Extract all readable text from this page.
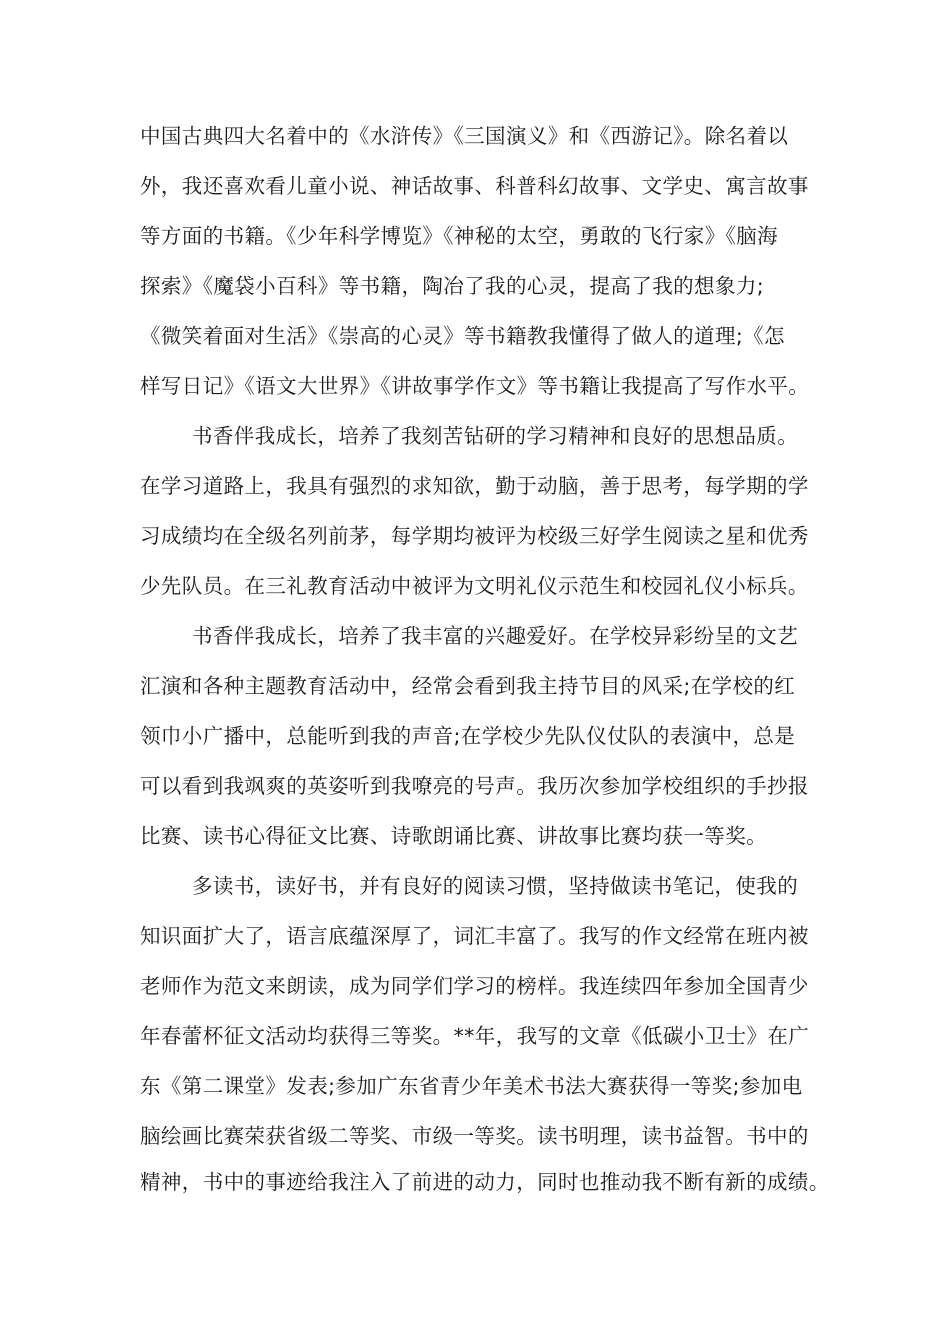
中国古典四大名着中的《水浒传》《三国演义》和《西游记》。除名着以
外，我还喜欢看儿童小说、神话故事、科普科幻故事、文学史、寓言故事
等方面的书籍。《少年科学博览》《神秘的太空，勇敢的飞行家》《脑海
探索》《魔袋小百科》等书籍，陶冶了我的心灵，提高了我的想象力;
《微笑着面对生活》《崇高的心灵》等书籍教我懂得了做人的道理;《怎
样写日记》《语文大世界》《讲故事学作文》等书籍让我提高了写作水平。
书香伴我成长，培养了我刻苦钻研的学习精神和良好的思想品质。
在学习道路上，我具有强烈的求知欲，勤于动脑，善于思考，每学期的学
习成绩均在全级名列前茅，每学期均被评为校级三好学生阅读之星和优秀
少先队员。在三礼教育活动中被评为文明礼仪示范生和校园礼仪小标兵。
书香伴我成长，培养了我丰富的兴趣爱好。在学校异彩纷呈的文艺
汇演和各种主题教育活动中，经常会看到我主持节目的风采;在学校的红
领巾小广播中，总能听到我的声音;在学校少先队仪仗队的表演中，总是
可以看到我飒爽的英姿听到我嘹亮的号声。我历次参加学校组织的手抄报
比赛、读书心得征文比赛、诗歌朗诵比赛、讲故事比赛均获一等奖。
多读书，读好书，并有良好的阅读习惯，坚持做读书笔记，使我的
知识面扩大了，语言底蕴深厚了，词汇丰富了。我写的作文经常在班内被
老师作为范文来朗读，成为同学们学习的榜样。我连续四年参加全国青少
年春蕾杯征文活动均获得三等奖。**年，我写的文章《低碳小卫士》在广
东《第二课堂》发表;参加广东省青少年美术书法大赛获得一等奖;参加电
脑绘画比赛荣获省级二等奖、市级一等奖。读书明理，读书益智。书中的
精神，书中的事迹给我注入了前进的动力，同时也推动我不断有新的成绩。
